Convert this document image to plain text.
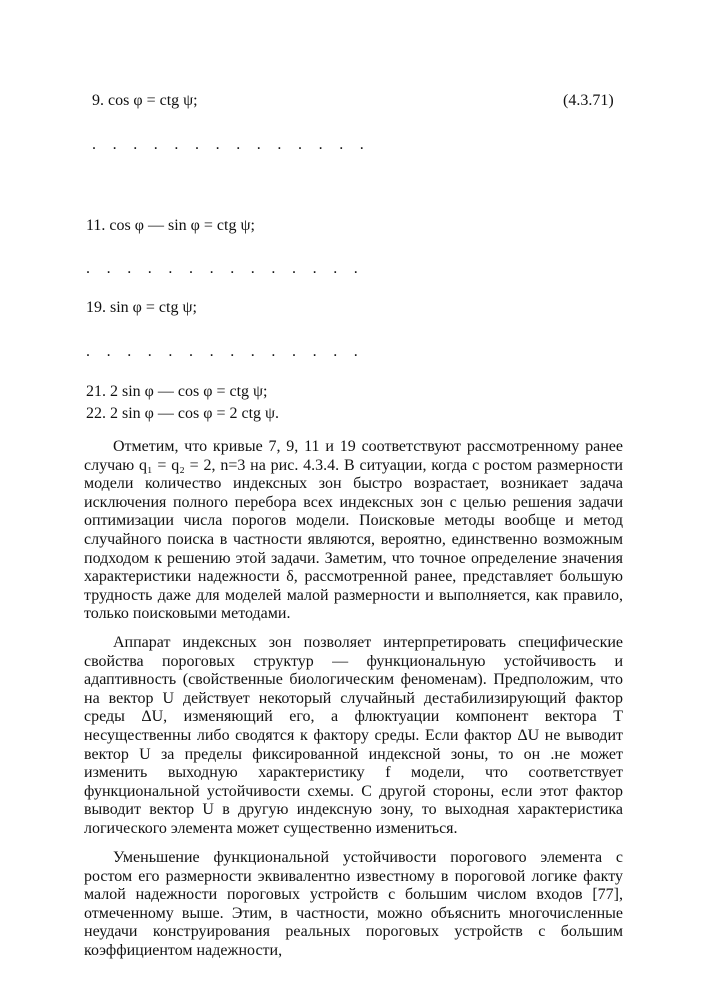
9. cos φ = ctg ψ;	(4.3.71)
. . . . . . . . . . . . . .
11. cos φ — sin φ = ctg ψ;
. . . . . . . . . . . . . .
19. sin φ = ctg ψ;
. . . . . . . . . . . . . .
21. 2 sin φ — cos φ = ctg ψ;
22. 2 sin φ — cos φ = 2 ctg ψ.

Отметим, что кривые 7, 9, 11 и 19 соответствуют рассмотренному ранее случаю q₁ = q₂ = 2, n=3 на рис. 4.3.4. В ситуации, когда с ростом размерности модели количество индексных зон быстро возрастает, возникает задача исключения полного перебора всех индексных зон с целью решения задачи оптимизации числа порогов модели. Поисковые методы вообще и метод случайного поиска в частности являются, вероятно, единственно возможным подходом к решению этой задачи. Заметим, что точное определение значения характеристики надежности δ, рассмотренной ранее, представляет большую трудность даже для моделей малой размерности и выполняется, как правило, только поисковыми методами.

Аппарат индексных зон позволяет интерпретировать специфические свойства пороговых структур — функциональную устойчивость и адаптивность (свойственные биологическим феноменам). Предположим, что на вектор U действует некоторый случайный дестабилизирующий фактор среды ΔU, изменяющий его, а флюктуации компонент вектора T несущественны либо сводятся к фактору среды. Если фактор ΔU не выводит вектор U за пределы фиксированной индексной зоны, то он .не может изменить выходную характеристику f модели, что соответствует функциональной устойчивости схемы. С другой стороны, если этот фактор выводит вектор U в другую индексную зону, то выходная характеристика логического элемента может существенно измениться.

Уменьшение функциональной устойчивости порогового элемента с ростом его размерности эквивалентно известному в пороговой логике факту малой надежности пороговых устройств с большим числом входов [77], отмеченному выше. Этим, в частности, можно объяснить многочисленные неудачи конструирования реальных пороговых устройств с большим коэффициентом надежности,
